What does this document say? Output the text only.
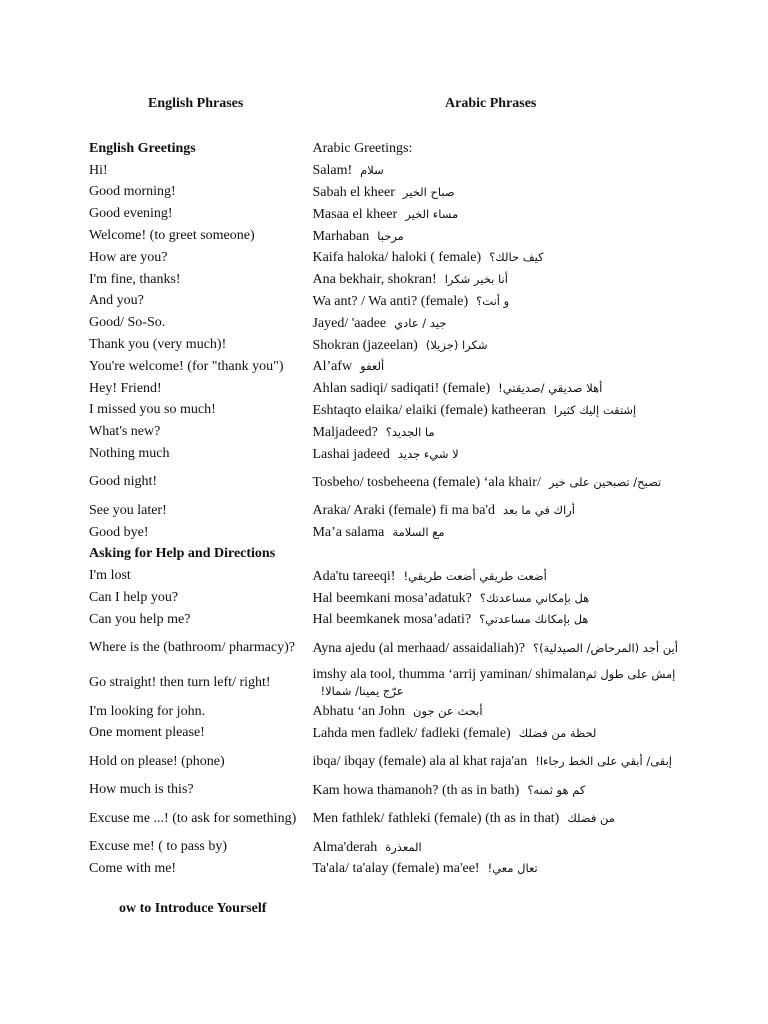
English Phrases	Arabic Phrases
English Greetings	Arabic Greetings:
Hi!	Salam! سلام
Good morning!	Sabah el kheer صباح الخير
Good evening!	Masaa el kheer مساء الخير
Welcome! (to greet someone)	Marhaban مرحبا
How are you?	Kaifa haloka/ haloki ( female) كيف حالك؟
I'm fine, thanks!	Ana bekhair, shokran! أنا بخير شكرا
And you?	Wa ant? / Wa anti? (female) و أنت؟
Good/ So-So.	Jayed/ 'aadee جيد / عادي
Thank you (very much)!	Shokran (jazeelan) شكرا (جزيلا)
You're welcome! (for "thank you")	Al’afw ألعفو
Hey! Friend!	Ahlan sadiqi/ sadiqati! (female) أهلا صديقي /صديقتي!
I missed you so much!	Eshtaqto elaika/ elaiki (female) katheeran إشتقت إليك كثيرا
What's new?	Maljadeed? ما الجديد؟
Nothing much	Lashai jadeed لا شيء جديد
Good night!	Tosbeho/ tosbeheena (female) ‘ala khair/ تصبح/ تصبحين على خير
See you later!	Araka/ Araki (female) fi ma ba'd أراك في ما بعد
Good bye!	Ma’a salama مع السلامة
Asking for Help and Directions	
I'm lost	Ada'tu tareeqi! أضعت طريقي أضعت طريقي!
Can I help you?	Hal beemkani mosa’adatuk? هل بإمكاني مساعدتك؟
Can you help me?	Hal beemkanek mosa’adati? هل بإمكانك مساعدتي؟
Where is the (bathroom/ pharmacy)?	Ayna ajedu (al merhaad/ assaidaliah)? أين أجد (المرحاض/ الصيدلية)؟
Go straight! then turn left/ right!	imshy ala tool, thumma ‘arrij yaminan/ shimalanإمش على طول ثم عرّج يمينا/ شمالا!
I'm looking for john.	Abhatu ‘an John أبحث عن جون
One moment please!	Lahda men fadlek/ fadleki (female) لحظة من فضلك
Hold on please! (phone)	ibqa/ ibqay (female) ala al khat raja'an إبقى/ أبقي على الخط رجاءا!
How much is this?	Kam howa thamanoh? (th as in bath) كم هو ثمنه؟
Excuse me ...! (to ask for something)	Men fathlek/ fathleki (female) (th as in that) من فضلك
Excuse me! ( to pass by)	Alma'derah المعذرة
Come with me!	Ta'ala/ ta'alay (female) ma'ee! تعال معي!
ow to Introduce Yourself
